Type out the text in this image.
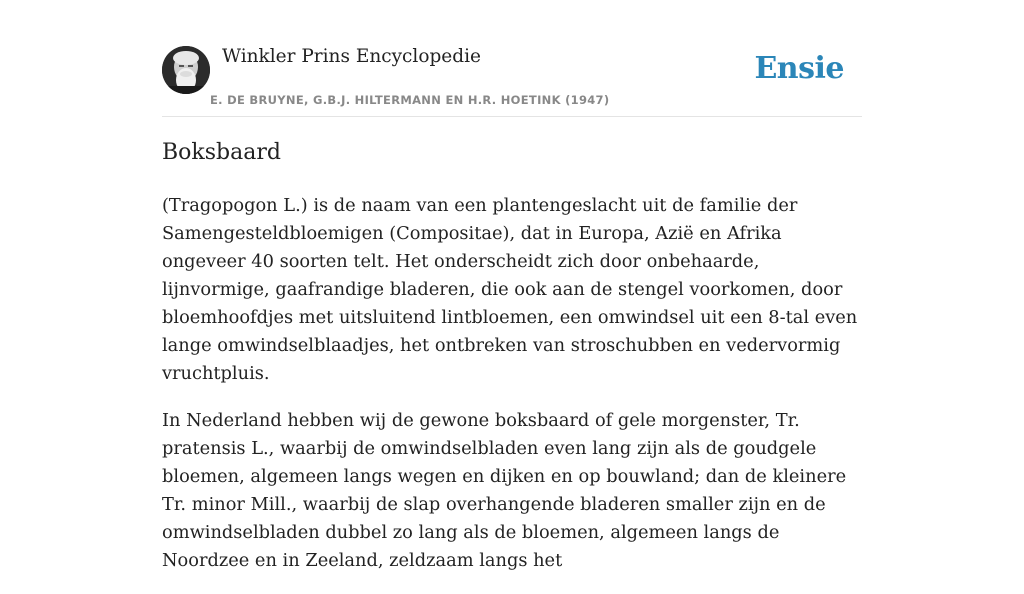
Winkler Prins Encyclopedie
E. DE BRUYNE, G.B.J. HILTERMANN EN H.R. HOETINK (1947)
Ensie
Boksbaard

(Tragopogon L.) is de naam van een plantengeslacht uit de familie der Samengesteldbloemigen (Compositae), dat in Europa, Azië en Afrika ongeveer 40 soorten telt. Het onderscheidt zich door onbehaarde, lijnvormige, gaafrandige bladeren, die ook aan de stengel voorkomen, door bloemhoofdjes met uitsluitend lintbloemen, een omwindsel uit een 8-tal even lange omwindselblaadjes, het ontbreken van stroschubben en vedervormig vruchtpluis.

In Nederland hebben wij de gewone boksbaard of gele morgenster, Tr. pratensis L., waarbij de omwindselbladen even lang zijn als de goudgele bloemen, algemeen langs wegen en dijken en op bouwland; dan de kleinere Tr. minor Mill., waarbij de slap overhangende bladeren smaller zijn en de omwindselbladen dubbel zo lang als de bloemen, algemeen langs de Noordzee en in Zeeland, zeldzaam langs het
